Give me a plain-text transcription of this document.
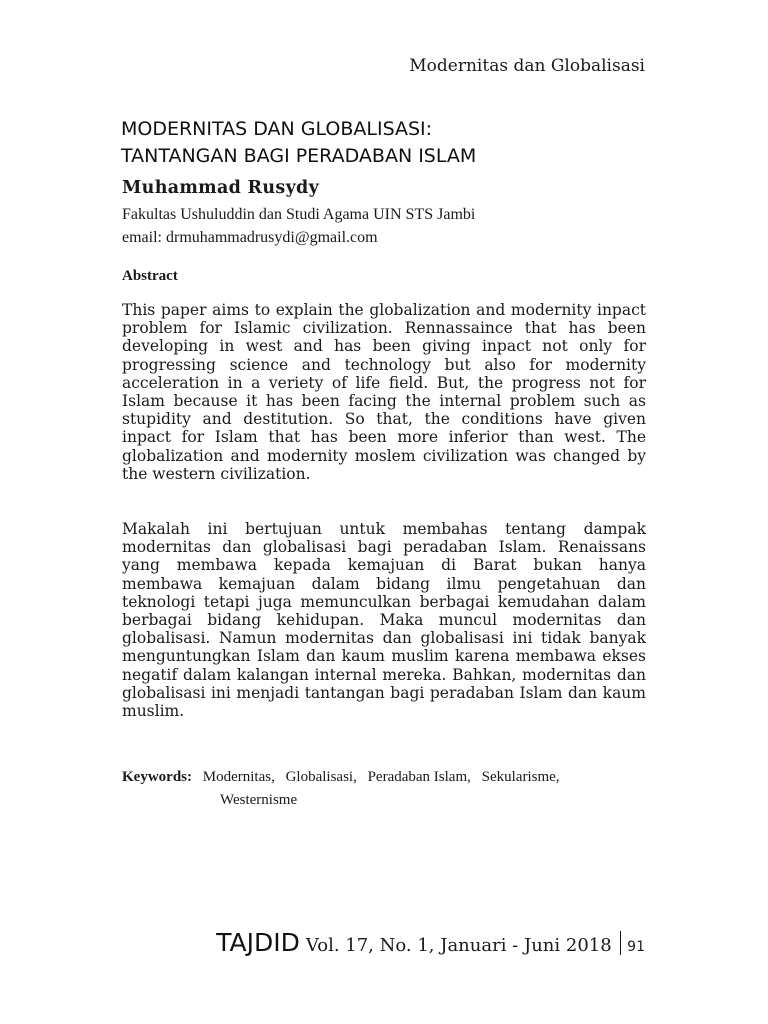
Modernitas dan Globalisasi
MODERNITAS DAN GLOBALISASI:
TANTANGAN BAGI PERADABAN ISLAM
Muhammad Rusydy
Fakultas Ushuluddin dan Studi Agama UIN STS Jambi
email: drmuhammadrusydi@gmail.com
Abstract

This paper aims to explain the globalization and modernity inpact problem for Islamic civilization. Rennassaince that has been developing in west and has been giving inpact not only for progressing science and technology but also for modernity acceleration in a veriety of life field. But, the progress not for Islam because it has been facing the internal problem such as stupidity and destitution. So that, the conditions have given inpact for Islam that has been more inferior than west. The globalization and modernity moslem civilization was changed by the western civilization.

Makalah ini bertujuan untuk membahas tentang dampak modernitas dan globalisasi bagi peradaban Islam. Renaissans yang membawa kepada kemajuan di Barat bukan hanya membawa kemajuan dalam bidang ilmu pengetahuan dan teknologi tetapi juga memunculkan berbagai kemudahan dalam berbagai bidang kehidupan. Maka muncul modernitas dan globalisasi. Namun modernitas dan globalisasi ini tidak banyak menguntungkan Islam dan kaum muslim karena membawa ekses negatif dalam kalangan internal mereka. Bahkan, modernitas dan globalisasi ini menjadi tantangan bagi peradaban Islam dan kaum muslim.

Keywords: Modernitas, Globalisasi, Peradaban Islam, Sekularisme,
Westernisme
TAJDID Vol. 17, No. 1, Januari - Juni 2018 91
